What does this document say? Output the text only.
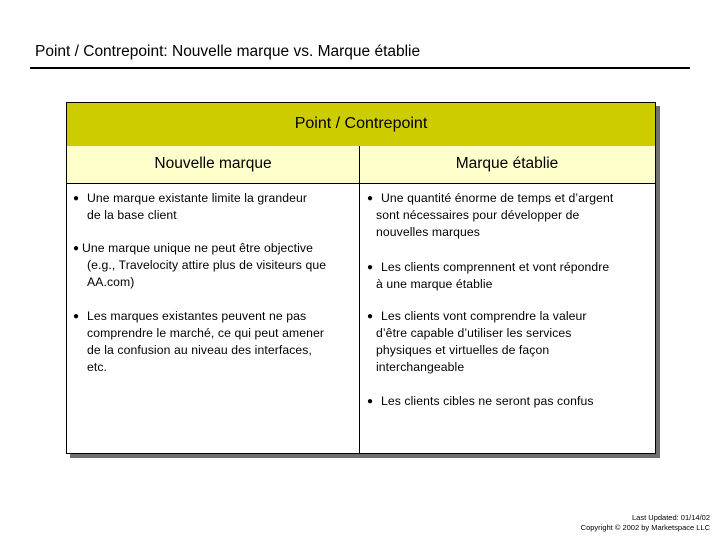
Point / Contrepoint: Nouvelle marque vs. Marque établie
Point / Contrepoint
Nouvelle marque	Marque établie
● Une marque existante limite la grandeur
de la base client
● Une marque unique ne peut être objective
(e.g., Travelocity attire plus de visiteurs que
AA.com)
● Les marques existantes peuvent ne pas
comprendre le marché, ce qui peut amener
de la confusion au niveau des interfaces,
etc.
● Une quantité énorme de temps et d’argent
sont nécessaires pour développer de
nouvelles marques
● Les clients comprennent et vont répondre
à une marque établie
● Les clients vont comprendre la valeur
d’être capable d’utiliser les services
physiques et virtuelles de façon
interchangeable
● Les clients cibles ne seront pas confus
Last Updated: 01/14/02
Copyright © 2002 by Marketspace LLC
